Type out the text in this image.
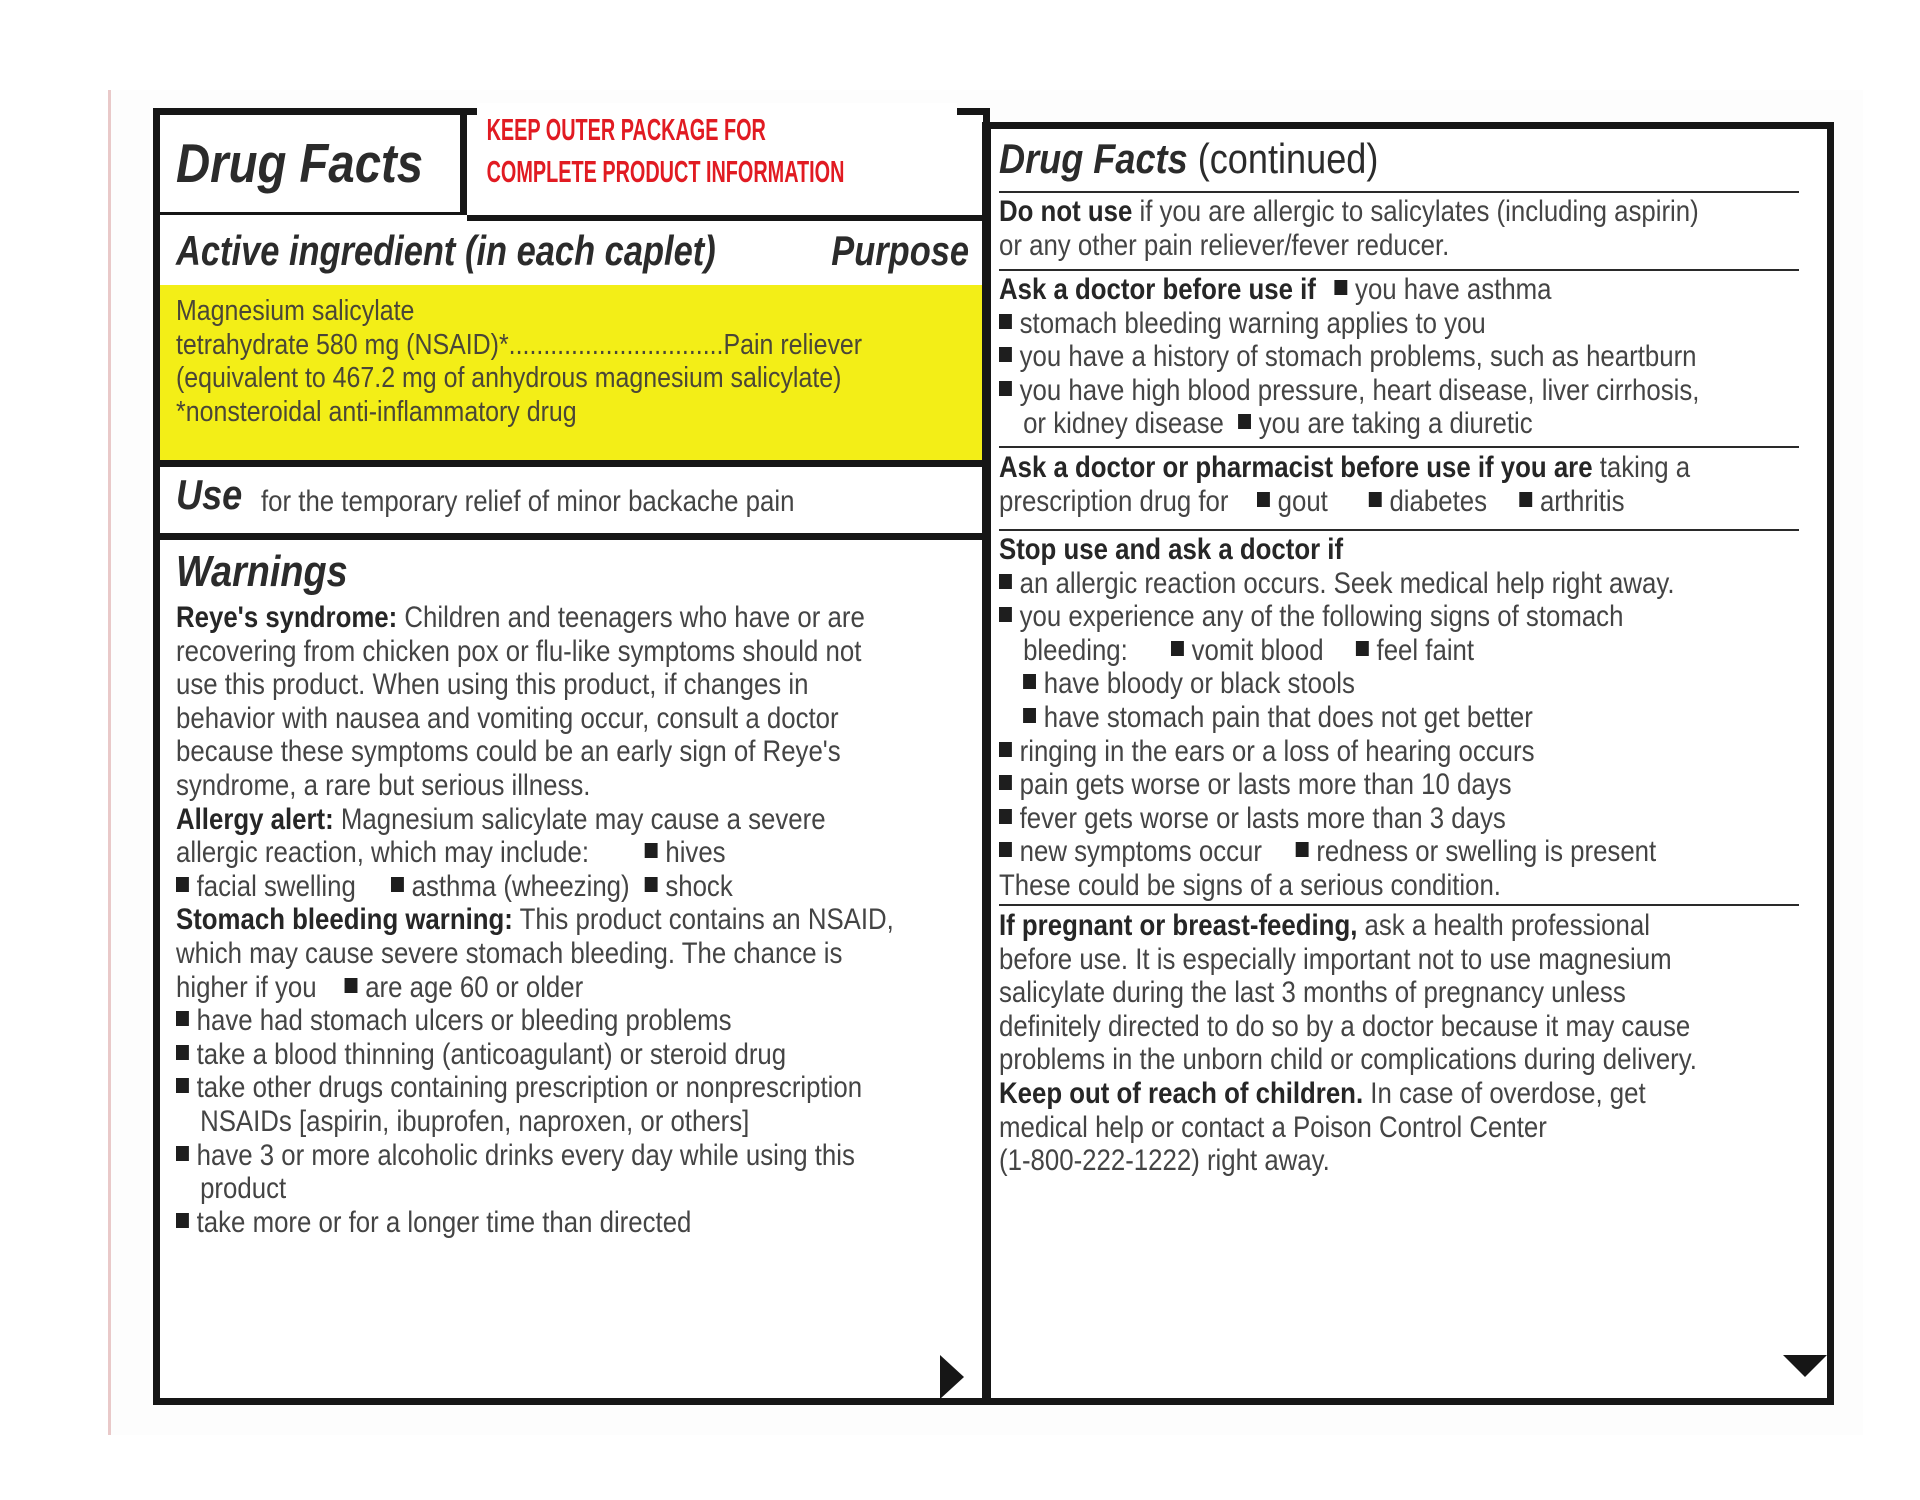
Drug Facts
KEEP OUTER PACKAGE FOR
COMPLETE PRODUCT INFORMATION
Active ingredient (in each caplet)	Purpose
Magnesium salicylate
tetrahydrate 580 mg (NSAID)*...............................Pain reliever
(equivalent to 467.2 mg of anhydrous magnesium salicylate)
*nonsteroidal anti-inflammatory drug
Use for the temporary relief of minor backache pain
Warnings
Reye's syndrome: Children and teenagers who have or are
recovering from chicken pox or flu-like symptoms should not
use this product. When using this product, if changes in
behavior with nausea and vomiting occur, consult a doctor
because these symptoms could be an early sign of Reye's
syndrome, a rare but serious illness.
Allergy alert: Magnesium salicylate may cause a severe
allergic reaction, which may include:	hives
facial swelling	asthma (wheezing)	shock
Stomach bleeding warning: This product contains an NSAID,
which may cause severe stomach bleeding. The chance is
higher if you	are age 60 or older
have had stomach ulcers or bleeding problems
take a blood thinning (anticoagulant) or steroid drug
take other drugs containing prescription or nonprescription
NSAIDs [aspirin, ibuprofen, naproxen, or others]
have 3 or more alcoholic drinks every day while using this
product
take more or for a longer time than directed
Drug Facts (continued)
Do not use if you are allergic to salicylates (including aspirin)
or any other pain reliever/fever reducer.
Ask a doctor before use if	you have asthma
stomach bleeding warning applies to you
you have a history of stomach problems, such as heartburn
you have high blood pressure, heart disease, liver cirrhosis,
or kidney disease	you are taking a diuretic
Ask a doctor or pharmacist before use if you are taking a
prescription drug for	gout	diabetes	arthritis
Stop use and ask a doctor if
an allergic reaction occurs. Seek medical help right away.
you experience any of the following signs of stomach
bleeding:	vomit blood	feel faint
have bloody or black stools
have stomach pain that does not get better
ringing in the ears or a loss of hearing occurs
pain gets worse or lasts more than 10 days
fever gets worse or lasts more than 3 days
new symptoms occur	redness or swelling is present
These could be signs of a serious condition.
If pregnant or breast-feeding, ask a health professional
before use. It is especially important not to use magnesium
salicylate during the last 3 months of pregnancy unless
definitely directed to do so by a doctor because it may cause
problems in the unborn child or complications during delivery.
Keep out of reach of children. In case of overdose, get
medical help or contact a Poison Control Center
(1-800-222-1222) right away.
